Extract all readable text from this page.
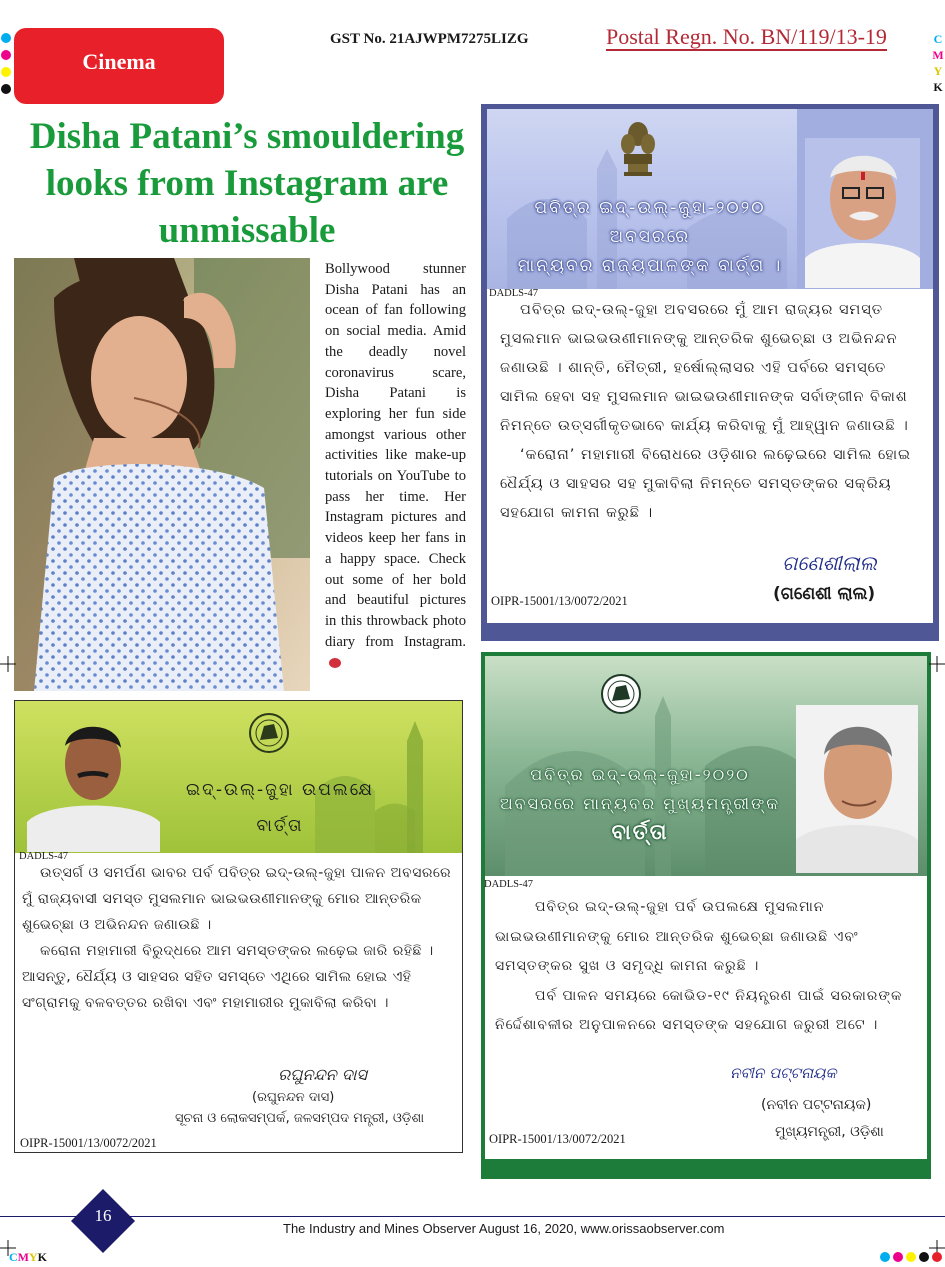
Cinema
GST No. 21AJWPM7275LIZG	Postal Regn. No. BN/119/13-19	C
M
Y
K
Disha Patani’s smouldering looks from Instagram are unmissable
Bollywood stunner Disha Patani has an ocean of fan following on social media. Amid the deadly novel coronavirus scare, Disha Patani is exploring her fun side amongst various other activities like make-up tutorials on YouTube to pass her time. Her Instagram pictures and videos keep her fans in a happy space. Check out some of her bold and beautiful pictures in this throwback photo diary from Instagram.
ପବିତ୍ର ଇଦ୍-ଉଲ୍-ଜୁହା-୨୦୨୦
ଅବସରରେ
ମାନ୍ୟବର ରାଜ୍ୟପାଳଙ୍କ ବାର୍ତ୍ତା ।
DADLS-47

ପବିତ୍ର ଇଦ୍-ଉଲ୍-ଜୁହା ଅବସରରେ ମୁଁ ଆମ ରାଜ୍ୟର ସମସ୍ତ ମୁସଲମାନ ଭାଇଭଉଣୀମାନଙ୍କୁ ଆନ୍ତରିକ ଶୁଭେଚ୍ଛା ଓ ଅଭିନନ୍ଦନ ଜଣାଉଛି । ଶାନ୍ତି, ମୈତ୍ରୀ, ହର୍ଷୋଲ୍ଲାସର ଏହି ପର୍ବରେ ସମସ୍ତେ ସାମିଲ ହେବା ସହ ମୁସଲମାନ ଭାଇଭଉଣୀମାନଙ୍କ ସର୍ବାଙ୍ଗୀନ ବିକାଶ ନିମନ୍ତେ ଉତ୍ସର୍ଗୀକୃତଭାବେ କାର୍ଯ୍ୟ କରିବାକୁ ମୁଁ ଆହ୍ୱାନ ଜଣାଉଛି ।

‘କରୋନା’ ମହାମାରୀ ବିରୋଧରେ ଓଡ଼ିଶାର ଲଢ଼େଇରେ ସାମିଲ ହୋଇ ଧୈର୍ଯ୍ୟ ଓ ସାହସର ସହ ମୁକାବିଲା ନିମନ୍ତେ ସମସ୍ତଙ୍କର ସକ୍ରିୟ ସହଯୋଗ କାମନା କରୁଛି ।

ଗଣେଶୀଲାଲ
(ଗଣେଶୀ ଲାଲ)
OIPR-15001/13/0072/2021
ଇଦ୍-ଉଲ୍-ଜୁହା ଉପଲକ୍ଷେ
ବାର୍ତ୍ତା
DADLS-47

ଉତ୍ସର୍ଗ ଓ ସମର୍ପଣ ଭାବର ପର୍ବ ପବିତ୍ର ଇଦ୍-ଉଲ୍-ଜୁହା ପାଳନ ଅବସରରେ ମୁଁ ରାଜ୍ୟବାସୀ ସମସ୍ତ ମୁସଲମାନ ଭାଇଭଉଣୀମାନଙ୍କୁ ମୋର ଆନ୍ତରିକ ଶୁଭେଚ୍ଛା ଓ ଅଭିନନ୍ଦନ ଜଣାଉଛି ।

କରୋନା ମହାମାରୀ ବିରୁଦ୍ଧରେ ଆମ ସମସ୍ତଙ୍କର ଲଢ଼େଇ ଜାରି ରହିଛି । ଆସନ୍ତୁ, ଧୈର୍ଯ୍ୟ ଓ ସାହସର ସହିତ ସମସ୍ତେ ଏଥିରେ ସାମିଲ ହୋଇ ଏହି ସଂଗ୍ରାମକୁ ବଳବତ୍ତର ରଖିବା ଏବଂ ମହାମାରୀର ମୁକାବିଲା କରିବା ।

ରଘୁନନ୍ଦନ ଦାସ
(ରଘୁନନ୍ଦନ ଦାସ)
ସୂଚନା ଓ ଲୋକସମ୍ପର୍କ, ଜଳସମ୍ପଦ ମନ୍ତ୍ରୀ, ଓଡ଼ିଶା
OIPR-15001/13/0072/2021
ପବିତ୍ର ଇଦ୍-ଉଲ୍-ଜୁହା-୨୦୨୦
ଅବସରରେ ମାନ୍ୟବର ମୁଖ୍ୟମନ୍ତ୍ରୀଙ୍କ
ବାର୍ତ୍ତା
DADLS-47

ପବିତ୍ର ଇଦ୍-ଉଲ୍-ଜୁହା ପର୍ବ ଉପଲକ୍ଷେ ମୁସଲମାନ ଭାଇଭଉଣୀମାନଙ୍କୁ ମୋର ଆନ୍ତରିକ ଶୁଭେଚ୍ଛା ଜଣାଉଛି ଏବଂ ସମସ୍ତଙ୍କର ସୁଖ ଓ ସମୃଦ୍ଧି କାମନା କରୁଛି ।

ପର୍ବ ପାଳନ ସମୟରେ କୋଭିଡ-୧୯ ନିୟନ୍ତ୍ରଣ ପାଇଁ ସରକାରଙ୍କ ନିର୍ଦ୍ଦେଶାବଳୀର ଅନୁପାଳନରେ ସମସ୍ତଙ୍କ ସହଯୋଗ ଜରୁରୀ ଅଟେ ।

ନବୀନ ପଟ୍ଟନାୟକ
(ନବୀନ ପଟ୍ଟନାୟକ)
ମୁଖ୍ୟମନ୍ତ୍ରୀ, ଓଡ଼ିଶା
OIPR-15001/13/0072/2021
16
The Industry and Mines Observer August 16, 2020, www.orissaobserver.com
CMYK
